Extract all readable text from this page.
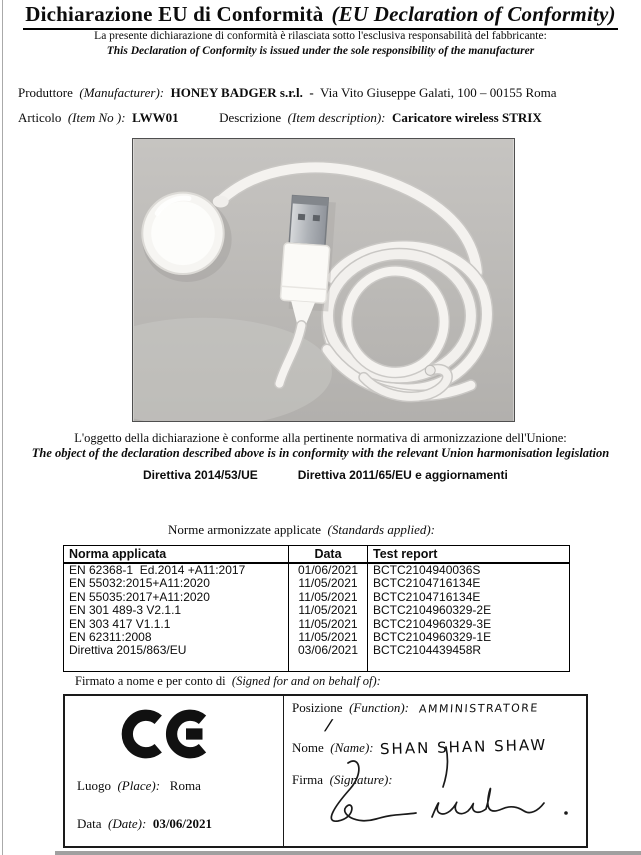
Dichiarazione EU di Conformità (EU Declaration of Conformity)
La presente dichiarazione di conformità è rilasciata sotto l'esclusiva responsabilità del fabbricante:
This Declaration of Conformity is issued under the sole responsibility of the manufacturer
Produttore (Manufacturer): HONEY BADGER s.r.l. - Via Vito Giuseppe Galati, 100 – 00155 Roma
Articolo (Item No ): LWW01	Descrizione (Item description): Caricatore wireless STRIX
L'oggetto della dichiarazione è conforme alla pertinente normativa di armonizzazione dell'Unione:
The object of the declaration described above is in conformity with the relevant Union harmonisation legislation
Direttiva 2014/53/UE	Direttiva 2011/65/EU e aggiornamenti
Norme armonizzate applicate (Standards applied):
Norma applicata	Data	Test report
EN 62368-1  Ed.2014 +A11:2017	01/06/2021	BCTC2104940036S
EN 55032:2015+A11:2020	11/05/2021	BCTC2104716134E
EN 55035:2017+A11:2020	11/05/2021	BCTC2104716134E
EN 301 489-3 V2.1.1	11/05/2021	BCTC2104960329-2E
EN 303 417 V1.1.1	11/05/2021	BCTC2104960329-3E
EN 62311:2008	11/05/2021	BCTC2104960329-1E
Direttiva 2015/863/EU	03/06/2021	BCTC2104439458R

Firmato a nome e per conto di (Signed for and on behalf of):
Luogo (Place): Roma
Data (Date): 03/06/2021
Posizione (Function): AMMINISTRATORE
/
Nome (Name): SHAN SHAN SHAW
Firma (Signature):
